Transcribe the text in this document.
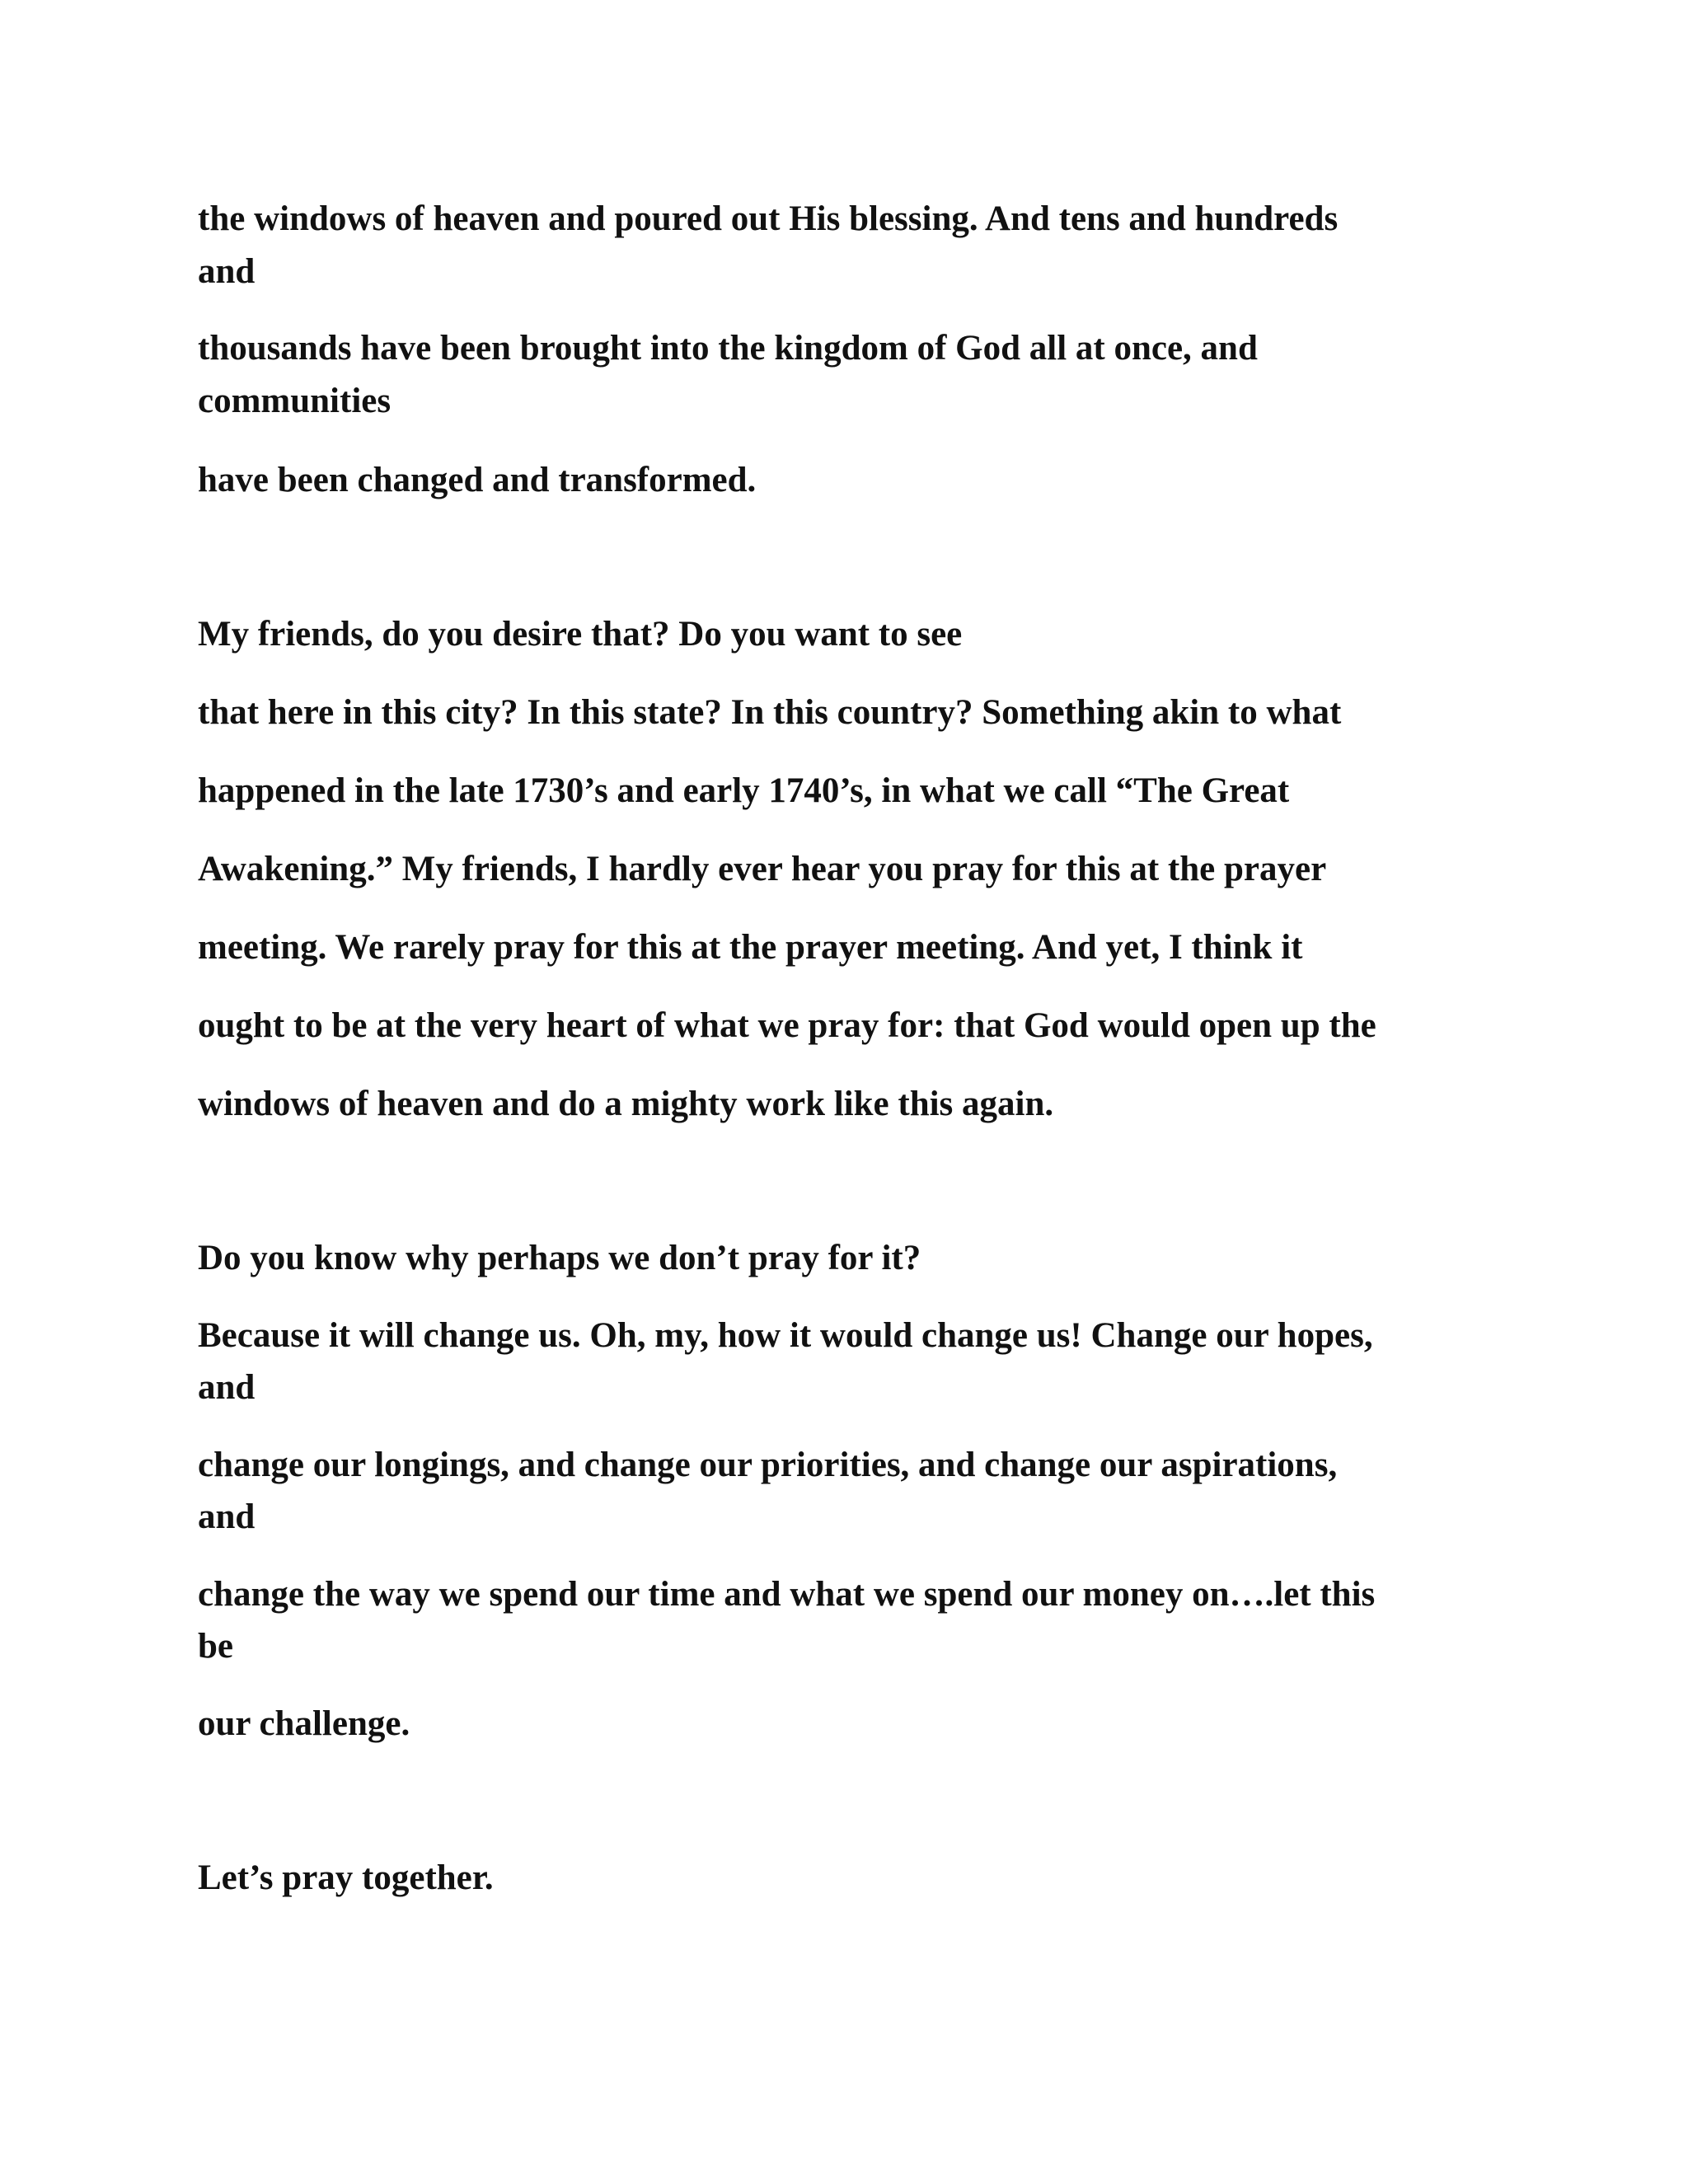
the windows of heaven and poured out His blessing. And tens and hundreds
and
thousands have been brought into the kingdom of God all at once, and
communities
have been changed and transformed.
My friends, do you desire that? Do you want to see
that here in this city? In this state? In this country? Something akin to what
happened in the late 1730’s and early 1740’s, in what we call “The Great
Awakening.” My friends, I hardly ever hear you pray for this at the prayer
meeting. We rarely pray for this at the prayer meeting. And yet, I think it
ought to be at the very heart of what we pray for: that God would open up the
windows of heaven and do a mighty work like this again.
Do you know why perhaps we don’t pray for it?
Because it will change us. Oh, my, how it would change us! Change our hopes,
and
change our longings, and change our priorities, and change our aspirations,
and
change the way we spend our time and what we spend our money on….let this
be
our challenge.
Let’s pray together.
